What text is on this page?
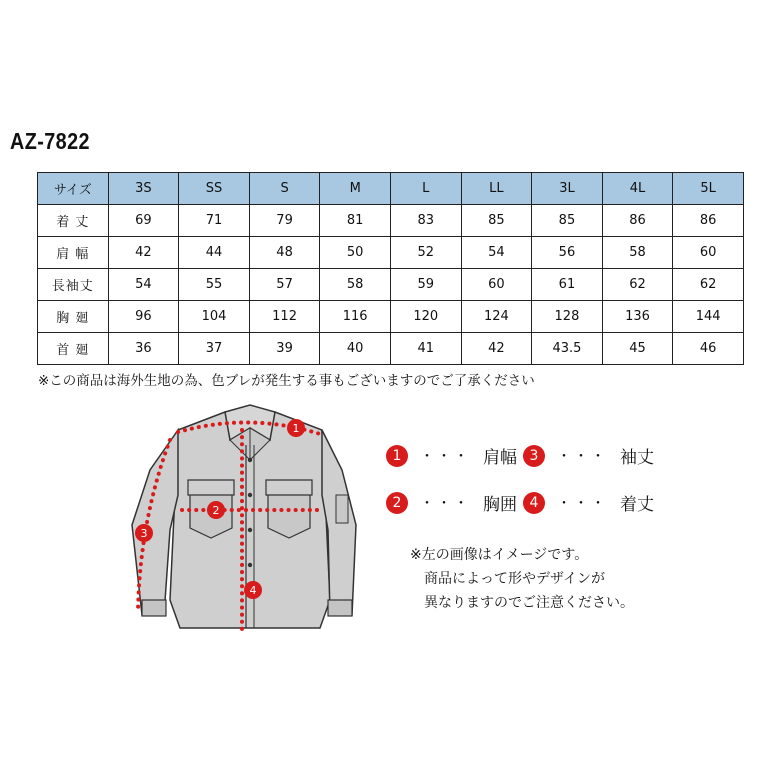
AZ-7822
サイズ	3S	SS	S	M	L	LL	3L	4L	5L
着 丈	69	71	79	81	83	85	85	86	86
肩 幅	42	44	48	50	52	54	56	58	60
長袖丈	54	55	57	58	59	60	61	62	62
胸 廻	96	104	112	116	120	124	128	136	144
首 廻	36	37	39	40	41	42	43.5	45	46
※この商品は海外生地の為、色ブレが発生する事もございますのでご了承ください
1
2
3
4
1	・・・ 肩幅 3	・・・ 袖丈
2	・・・ 胸囲 4	・・・ 着丈
※左の画像はイメージです。
商品によって形やデザインが
異なりますのでご注意ください。
